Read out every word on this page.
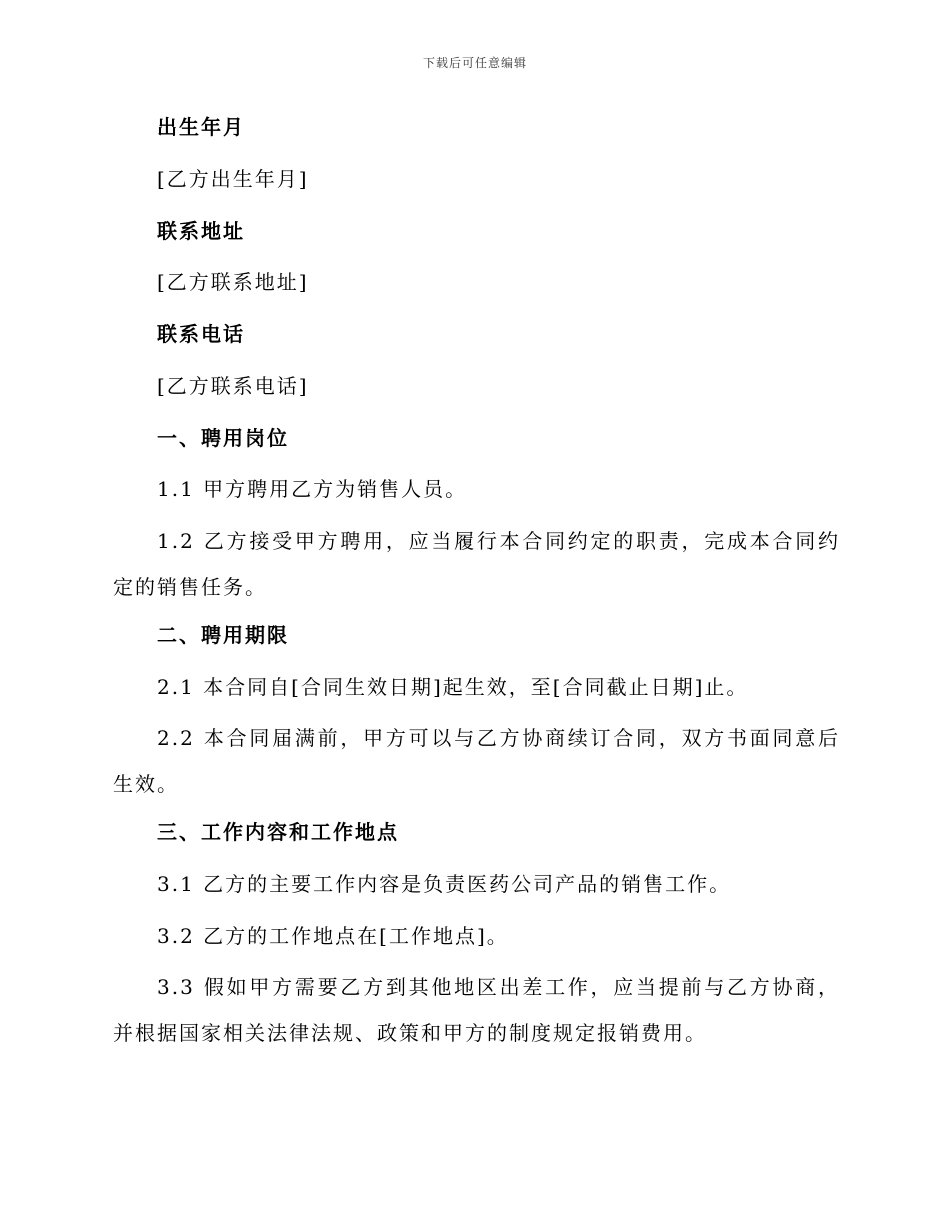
下载后可任意编辑
出生年月
[乙方出生年月]
联系地址
[乙方联系地址]
联系电话
[乙方联系电话]
一、聘用岗位
1.1 甲方聘用乙方为销售人员。
1.2 乙方接受甲方聘用，应当履行本合同约定的职责，完成本合同约定的销售任务。
二、聘用期限
2.1 本合同自[合同生效日期]起生效，至[合同截止日期]止。
2.2 本合同届满前，甲方可以与乙方协商续订合同，双方书面同意后生效。
三、工作内容和工作地点
3.1 乙方的主要工作内容是负责医药公司产品的销售工作。
3.2 乙方的工作地点在[工作地点]。
3.3 假如甲方需要乙方到其他地区出差工作，应当提前与乙方协商，并根据国家相关法律法规、政策和甲方的制度规定报销费用。
